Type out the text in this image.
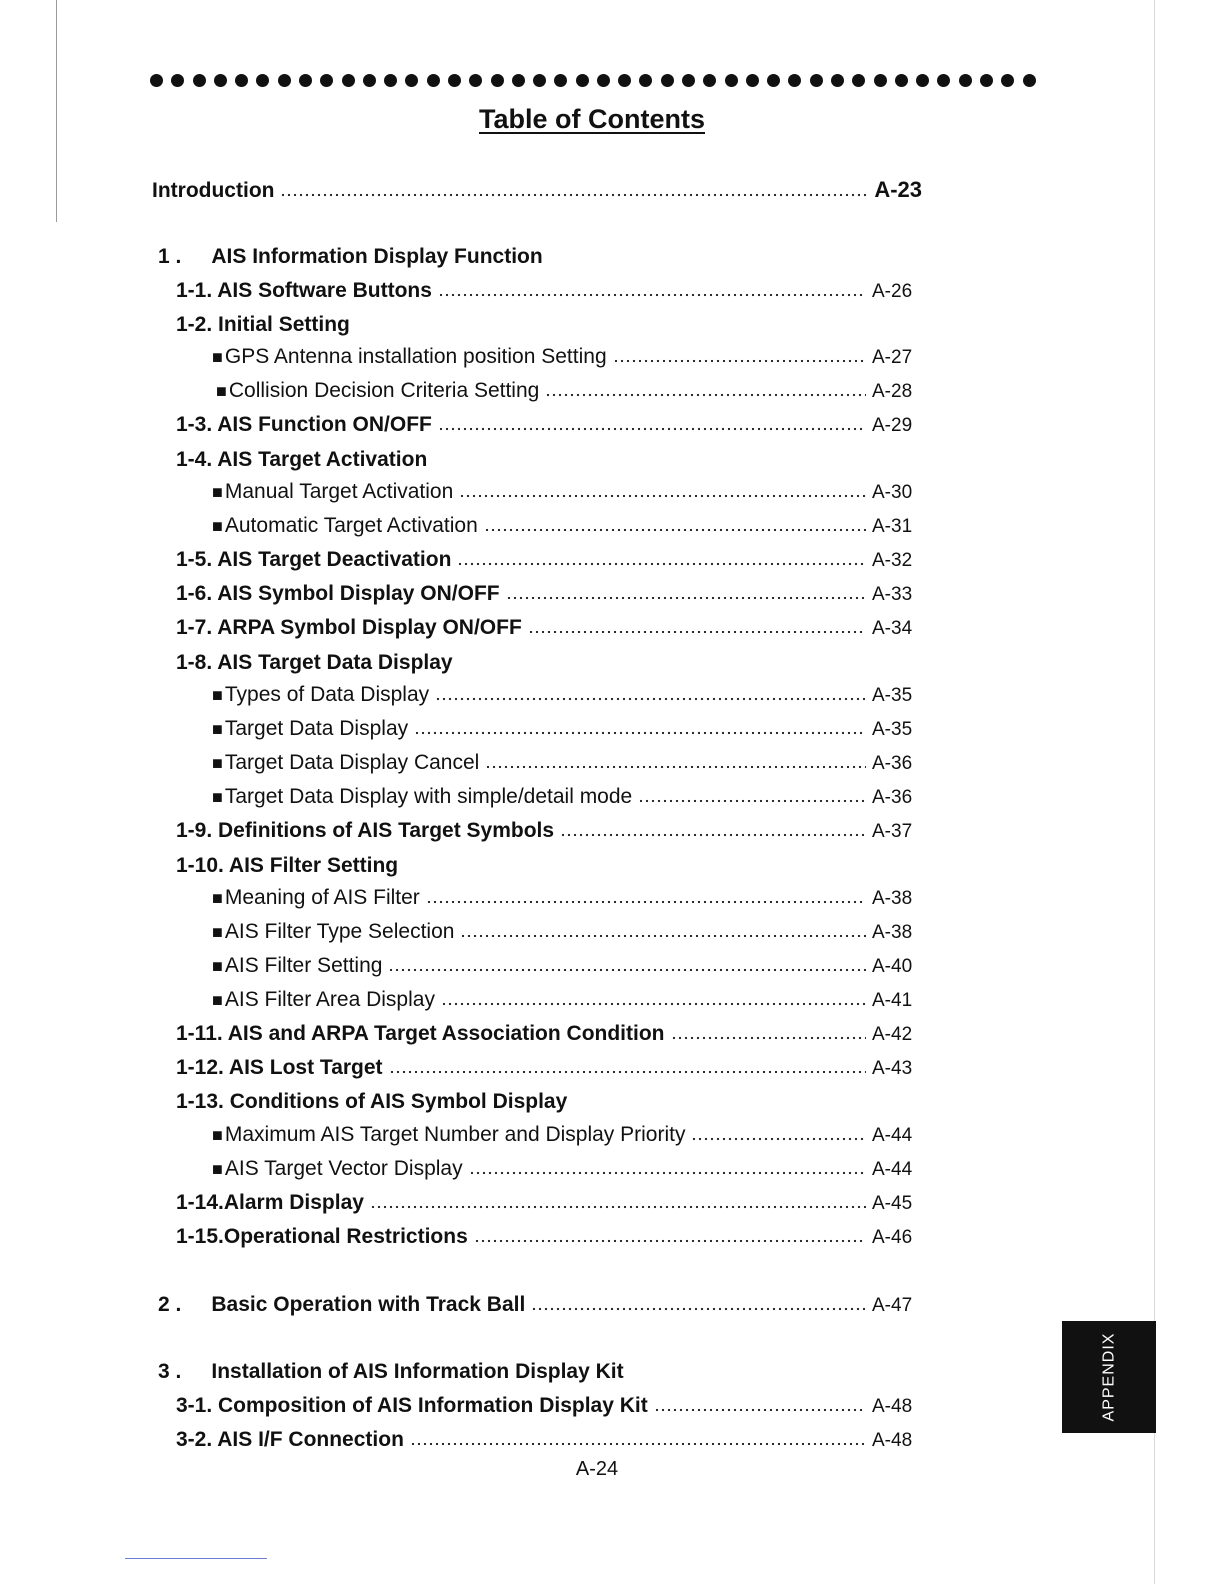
Table of Contents
Introduction	A-23
1 . AIS Information Display Function
1-1. AIS Software Buttons	A-26
1-2. Initial Setting
■ GPS Antenna installation position Setting	A-27
■ Collision Decision Criteria Setting	A-28
1-3. AIS Function ON/OFF	A-29
1-4. AIS Target Activation
■ Manual Target Activation	A-30
■ Automatic Target Activation	A-31
1-5. AIS Target Deactivation	A-32
1-6. AIS Symbol Display ON/OFF	A-33
1-7. ARPA Symbol Display ON/OFF	A-34
1-8. AIS Target Data Display
■ Types of Data Display	A-35
■ Target Data Display	A-35
■ Target Data Display Cancel	A-36
■ Target Data Display with simple/detail mode	A-36
1-9. Definitions of AIS Target Symbols	A-37
1-10. AIS Filter Setting
■ Meaning of AIS Filter	A-38
■ AIS Filter Type Selection	A-38
■ AIS Filter Setting	A-40
■ AIS Filter Area Display	A-41
1-11. AIS and ARPA Target Association Condition	A-42
1-12. AIS Lost Target	A-43
1-13. Conditions of AIS Symbol Display
■ Maximum AIS Target Number and Display Priority	A-44
■ AIS Target Vector Display	A-44
1-14.Alarm Display	A-45
1-15.Operational Restrictions	A-46
2 . Basic Operation with Track Ball	A-47
3 . Installation of AIS Information Display Kit
3-1. Composition of AIS Information Display Kit	A-48
3-2. AIS I/F Connection	A-48
A-24
APPENDIX
